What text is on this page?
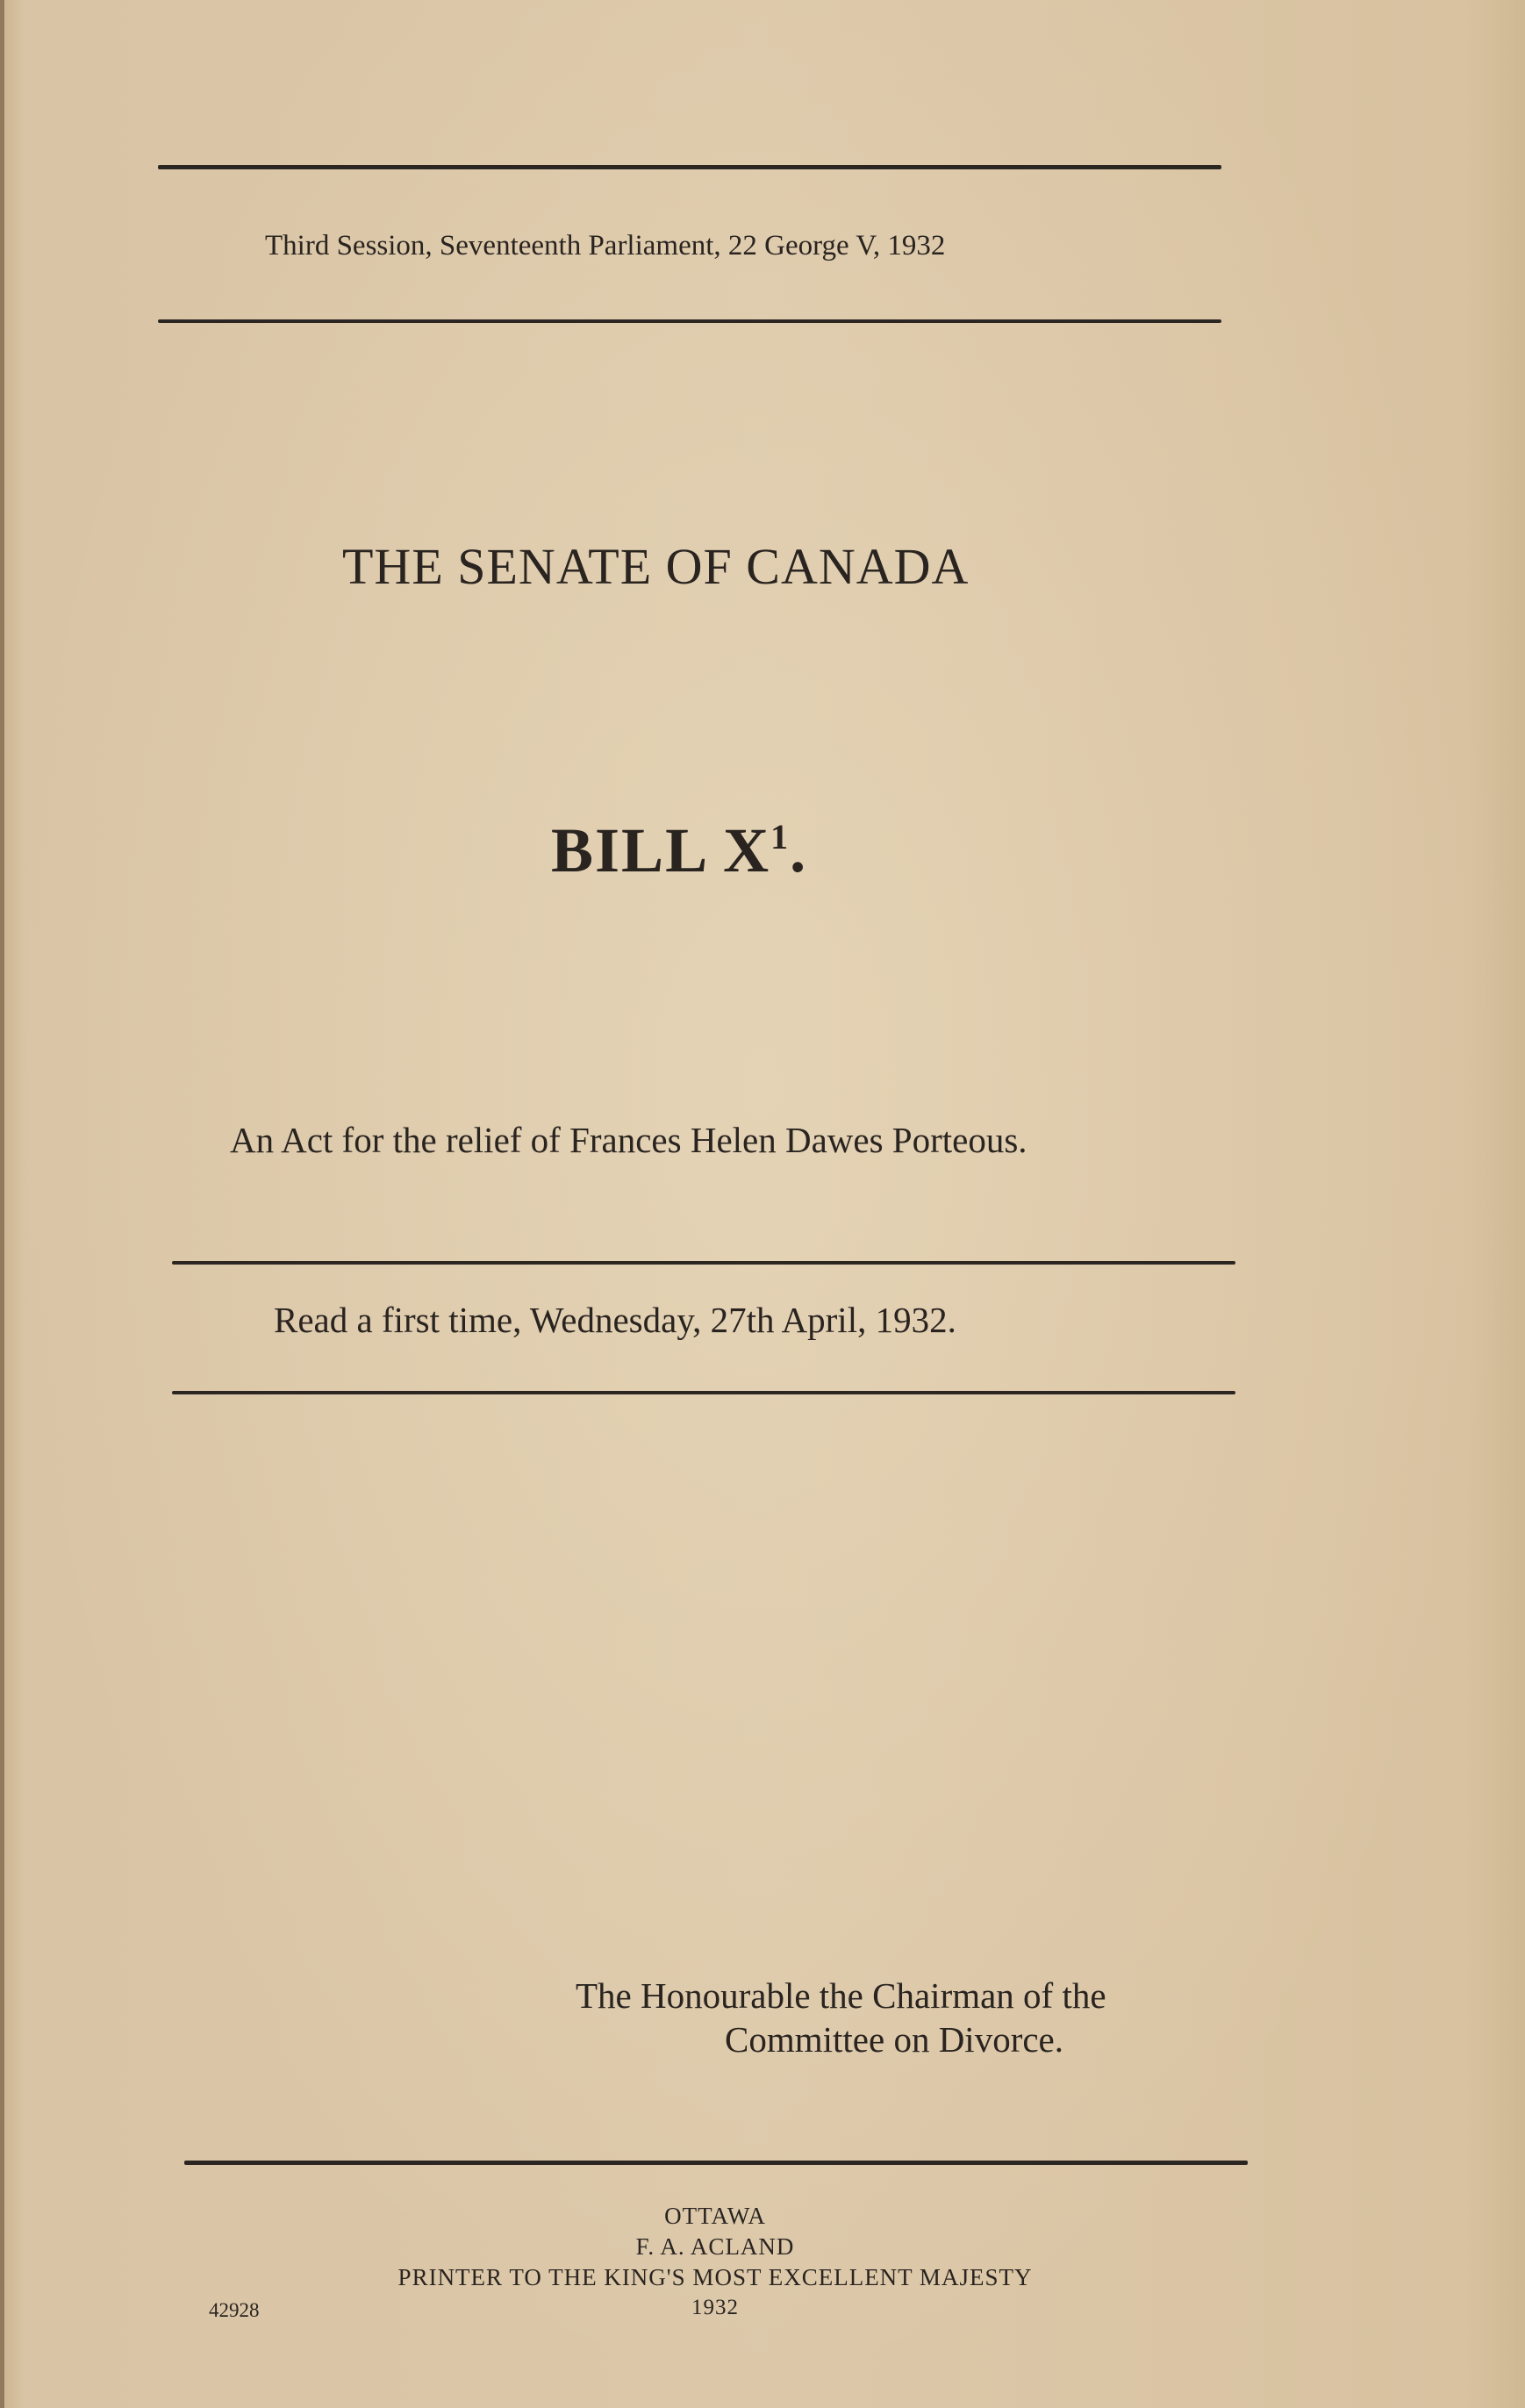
Third Session, Seventeenth Parliament, 22 George V, 1932

THE SENATE OF CANADA

BILL $X^1$.

An Act for the relief of Frances Helen Dawes Porteous.

Read a first time, Wednesday, 27th April, 1932.

The Honourable the Chairman of the

Committee on Divorce.

OTTAWA

F. A. ACLAND

PRINTER TO THE KING'S MOST EXCELLENT MAJESTY

1932

42928
